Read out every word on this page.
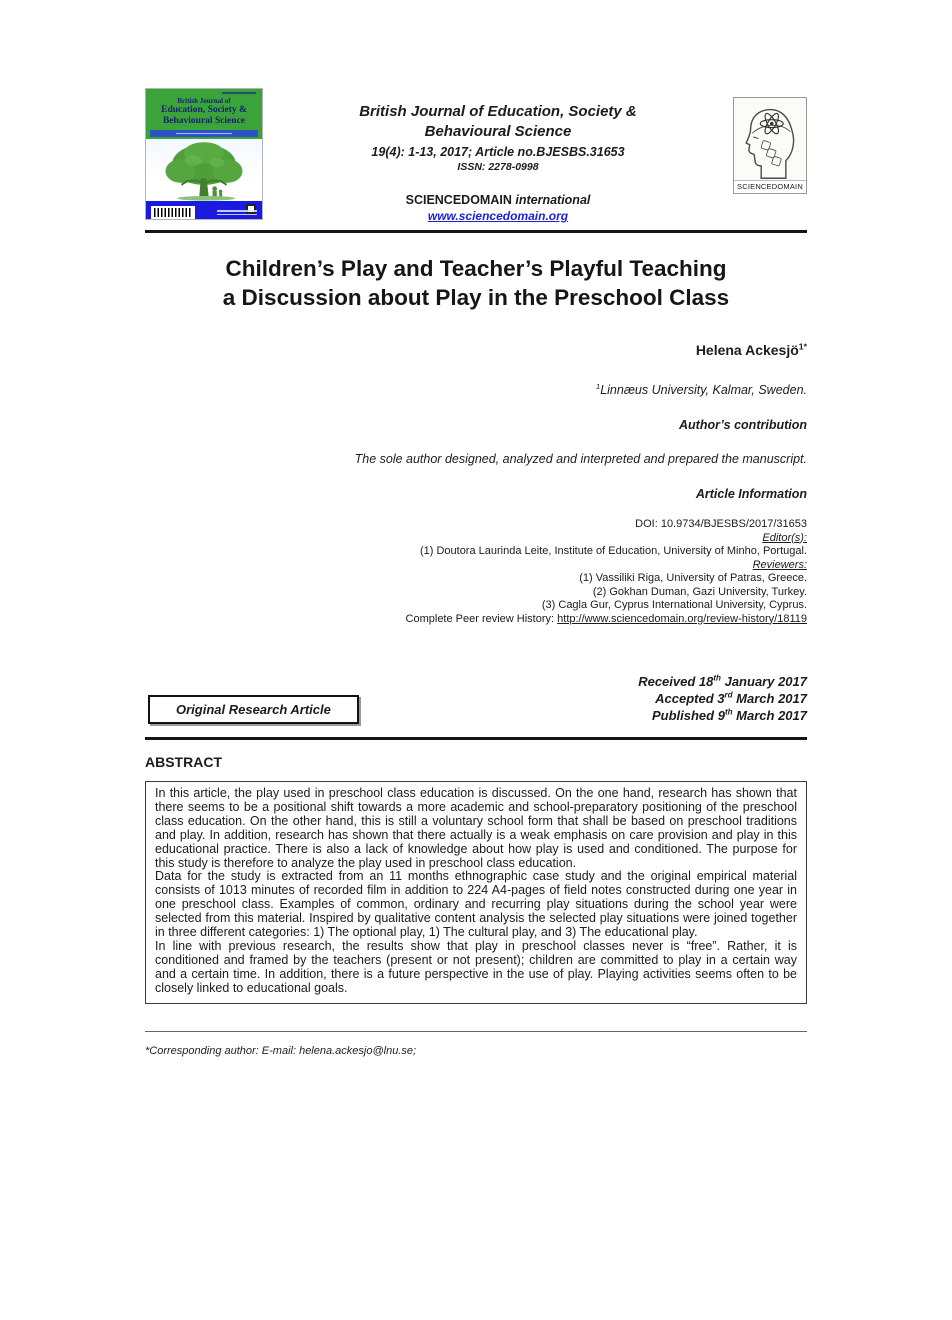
British Journal of
Education, Society &
Behavioural Science
British Journal of Education, Society &
Behavioural Science
19(4): 1-13, 2017; Article no.BJESBS.31653
ISSN: 2278-0998
SCIENCEDOMAIN international
www.sciencedomain.org
SCIENCEDOMAIN
Children’s Play and Teacher’s Playful Teaching
a Discussion about Play in the Preschool Class
Helena Ackesjö$^{1*}$
$^1$Linnæus University, Kalmar, Sweden.
Author’s contribution
The sole author designed, analyzed and interpreted and prepared the manuscript.
Article Information
DOI: 10.9734/BJESBS/2017/31653
Editor(s):
(1) Doutora Laurinda Leite, Institute of Education, University of Minho, Portugal.
Reviewers:
(1) Vassiliki Riga, University of Patras, Greece.
(2) Gokhan Duman, Gazi University, Turkey.
(3) Cagla Gur, Cyprus International University, Cyprus.
Complete Peer review History: http://www.sciencedomain.org/review-history/18119
Received 18th January 2017
Accepted 3rd March 2017
Published 9th March 2017
Original Research Article
ABSTRACT

In this article, the play used in preschool class education is discussed. On the one hand, research has shown that there seems to be a positional shift towards a more academic and school-preparatory positioning of the preschool class education. On the other hand, this is still a voluntary school form that shall be based on preschool traditions and play. In addition, research has shown that there actually is a weak emphasis on care provision and play in this educational practice. There is also a lack of knowledge about how play is used and conditioned. The purpose for this study is therefore to analyze the play used in preschool class education.

Data for the study is extracted from an 11 months ethnographic case study and the original empirical material consists of 1013 minutes of recorded film in addition to 224 A4-pages of field notes constructed during one year in one preschool class. Examples of common, ordinary and recurring play situations during the school year were selected from this material. Inspired by qualitative content analysis the selected play situations were joined together in three different categories: 1) The optional play, 1) The cultural play, and 3) The educational play.

In line with previous research, the results show that play in preschool classes never is “free”. Rather, it is conditioned and framed by the teachers (present or not present); children are committed to play in a certain way and a certain time. In addition, there is a future perspective in the use of play. Playing activities seems often to be closely linked to educational goals.

*Corresponding author: E-mail: helena.ackesjo@lnu.se;
